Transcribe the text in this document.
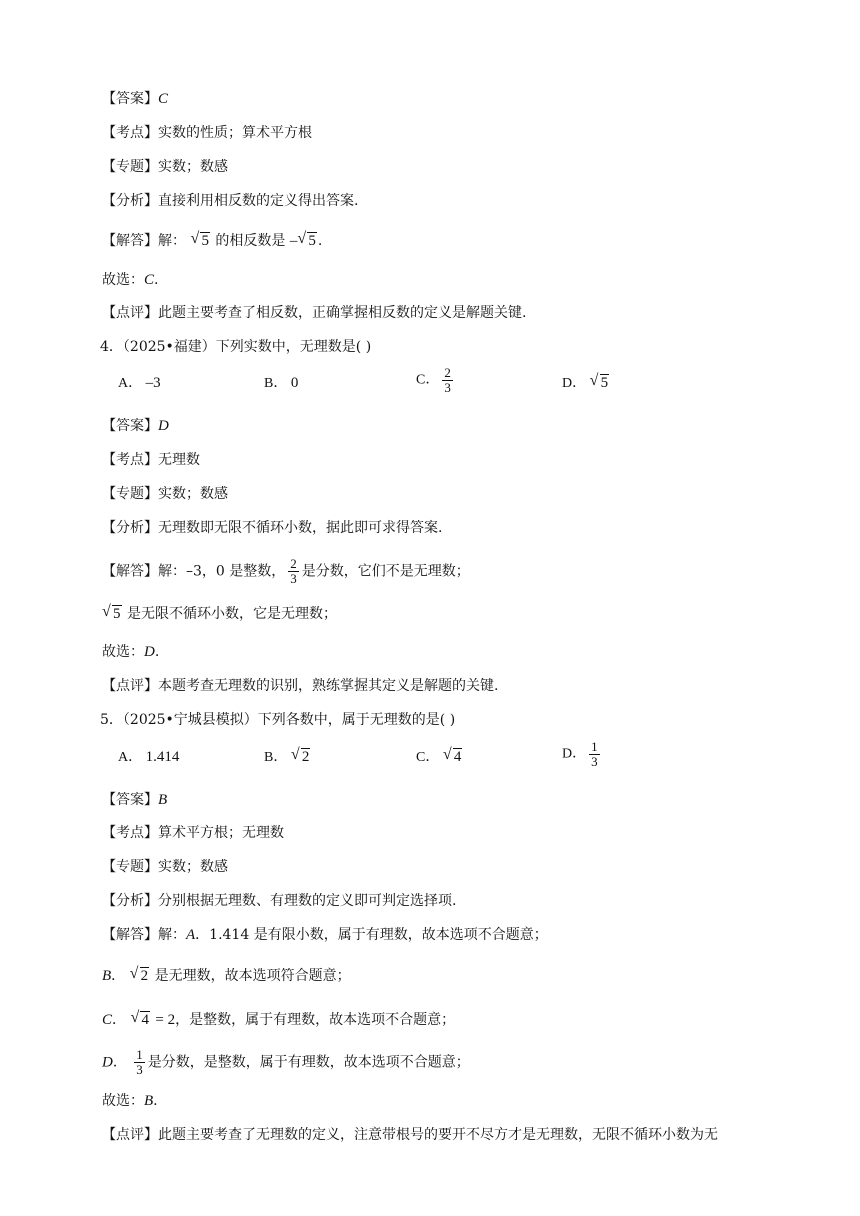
【答案】C
【考点】实数的性质；算术平方根
【专题】实数；数感
【分析】直接利用相反数的定义得出答案.
【解答】解： √ 5 的相反数是 – √ 5 .
故选：C.
【点评】此题主要考查了相反数，正确掌握相反数的定义是解题关键.
4．（2025•福建）下列实数中，无理数是( )
A． –3	B． 0	C． $\frac{2}{3}$	D． √ 5
【答案】D
【考点】无理数
【专题】实数；数感
【分析】无理数即无限不循环小数，据此即可求得答案.
【解答】解：–3，0 是整数， $\frac{2}{3}$ 是分数，它们不是无理数；
√ 5 是无限不循环小数，它是无理数；
故选：D.
【点评】本题考查无理数的识别，熟练掌握其定义是解题的关键.
5．（2025•宁城县模拟）下列各数中，属于无理数的是( )
A． 1.414	B． √ 2	C． √ 4	D． $\frac{1}{3}$
【答案】B
【考点】算术平方根；无理数
【专题】实数；数感
【分析】分别根据无理数、有理数的定义即可判定选择项.
【解答】解：A．1.414 是有限小数，属于有理数，故本选项不合题意；
B． √ 2 是无理数，故本选项符合题意；
C． √ 4 = 2，是整数，属于有理数，故本选项不合题意；
D． $\frac{1}{3}$ 是分数，是整数，属于有理数，故本选项不合题意；
故选：B.
【点评】此题主要考查了无理数的定义，注意带根号的要开不尽方才是无理数，无限不循环小数为无
